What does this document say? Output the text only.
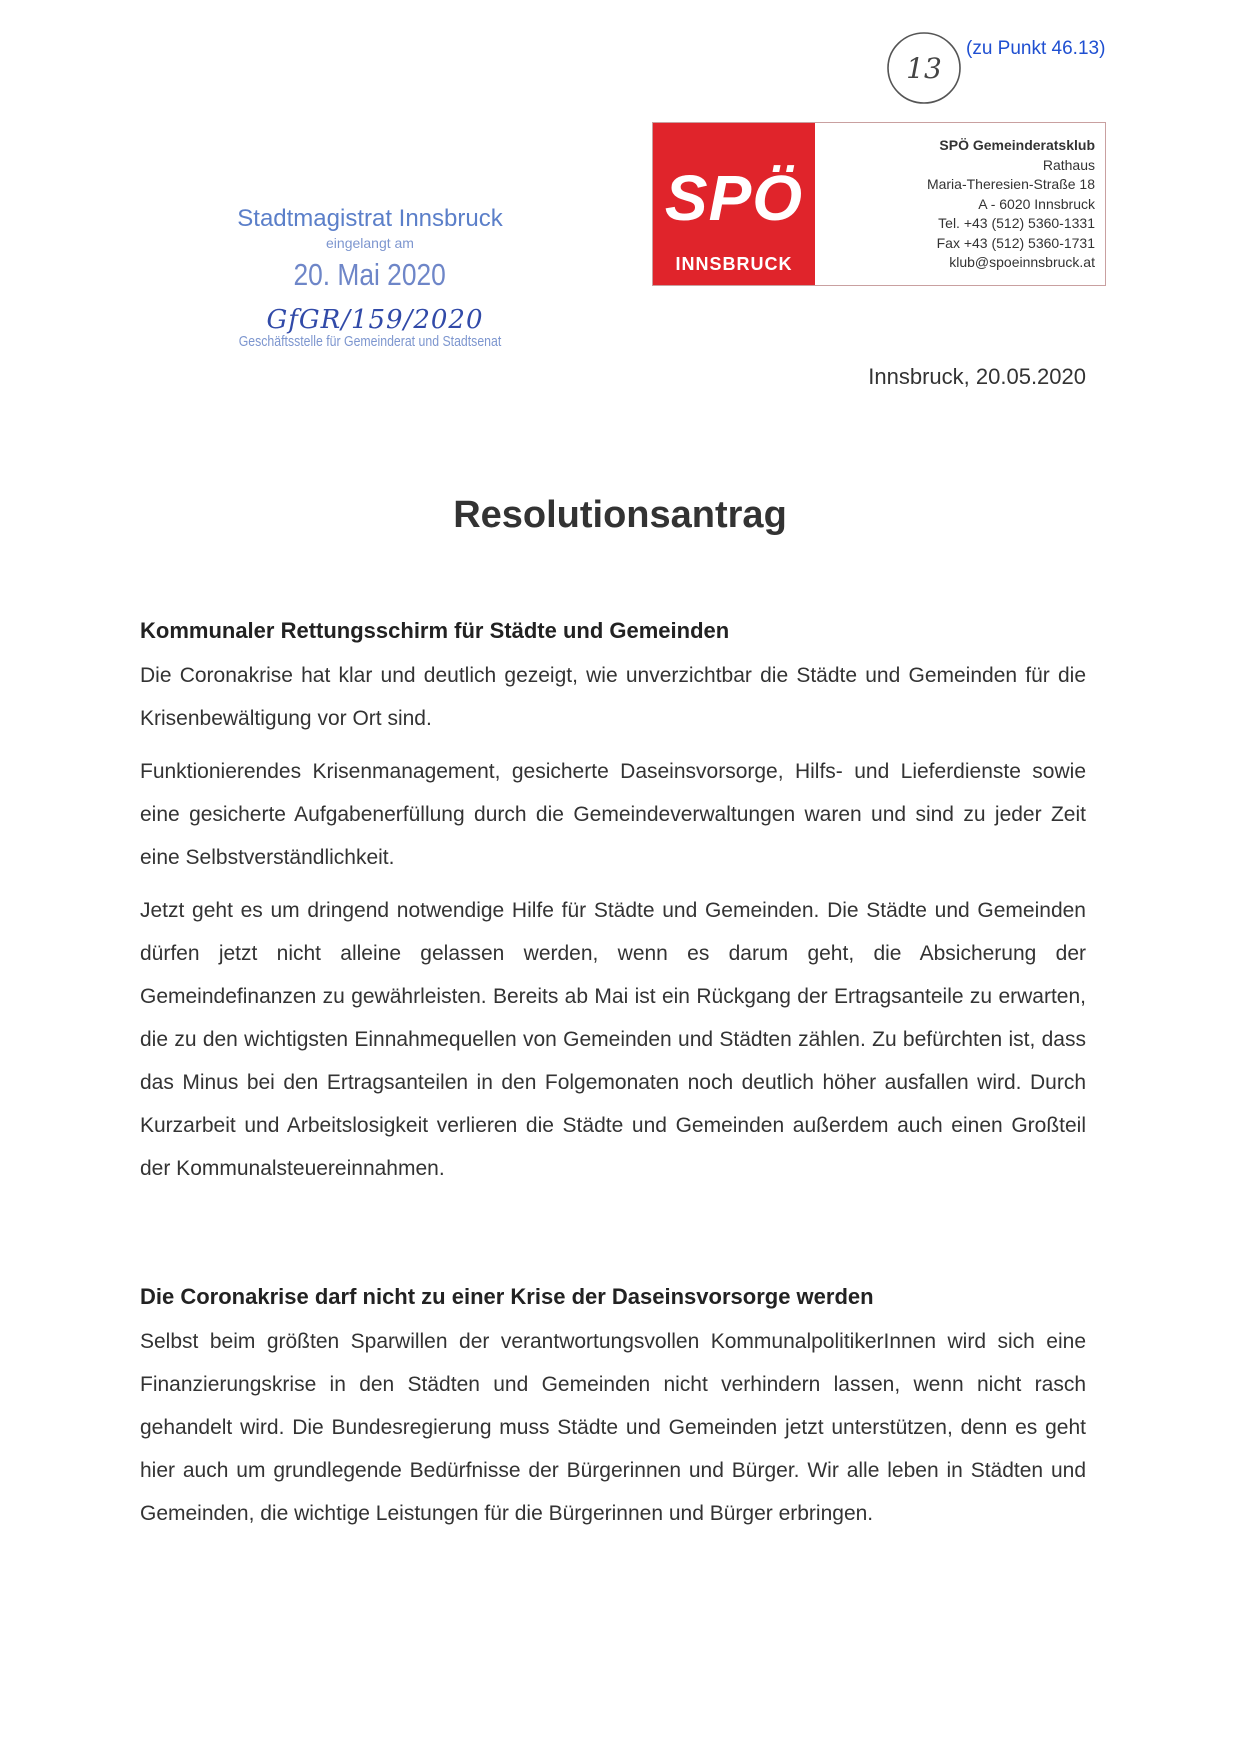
(zu Punkt 46.13)
13
SPÖ
INNSBRUCK
SPÖ Gemeinderatsklub
Rathaus
Maria-Theresien-Straße 18
A - 6020 Innsbruck
Tel. +43 (512) 5360-1331
Fax +43 (512) 5360-1731
klub@spoeinnsbruck.at
Stadtmagistrat Innsbruck
eingelangt am
20. Mai 2020
GfGR/159/2020
Geschäftsstelle für Gemeinderat und Stadtsenat
Innsbruck, 20.05.2020
Resolutionsantrag
Kommunaler Rettungsschirm für Städte und Gemeinden

Die Coronakrise hat klar und deutlich gezeigt, wie unverzichtbar die Städte und Gemeinden für die Krisenbewältigung vor Ort sind.

Funktionierendes Krisenmanagement, gesicherte Daseinsvorsorge, Hilfs- und Lieferdienste sowie eine gesicherte Aufgabenerfüllung durch die Gemeindeverwaltungen waren und sind zu jeder Zeit eine Selbstverständlichkeit.

Jetzt geht es um dringend notwendige Hilfe für Städte und Gemeinden. Die Städte und Gemeinden dürfen jetzt nicht alleine gelassen werden, wenn es darum geht, die Absicherung der Gemeindefinanzen zu gewährleisten. Bereits ab Mai ist ein Rückgang der Ertragsanteile zu erwarten, die zu den wichtigsten Einnahmequellen von Gemeinden und Städten zählen. Zu befürchten ist, dass das Minus bei den Ertragsanteilen in den Folgemonaten noch deutlich höher ausfallen wird. Durch Kurzarbeit und Arbeitslosigkeit verlieren die Städte und Gemeinden außerdem auch einen Großteil der Kommunalsteuereinnahmen.

Die Coronakrise darf nicht zu einer Krise der Daseinsvorsorge werden

Selbst beim größten Sparwillen der verantwortungsvollen KommunalpolitikerInnen wird sich eine Finanzierungskrise in den Städten und Gemeinden nicht verhindern lassen, wenn nicht rasch gehandelt wird. Die Bundesregierung muss Städte und Gemeinden jetzt unterstützen, denn es geht hier auch um grundlegende Bedürfnisse der Bürgerinnen und Bürger. Wir alle leben in Städten und Gemeinden, die wichtige Leistungen für die Bürgerinnen und Bürger erbringen.
